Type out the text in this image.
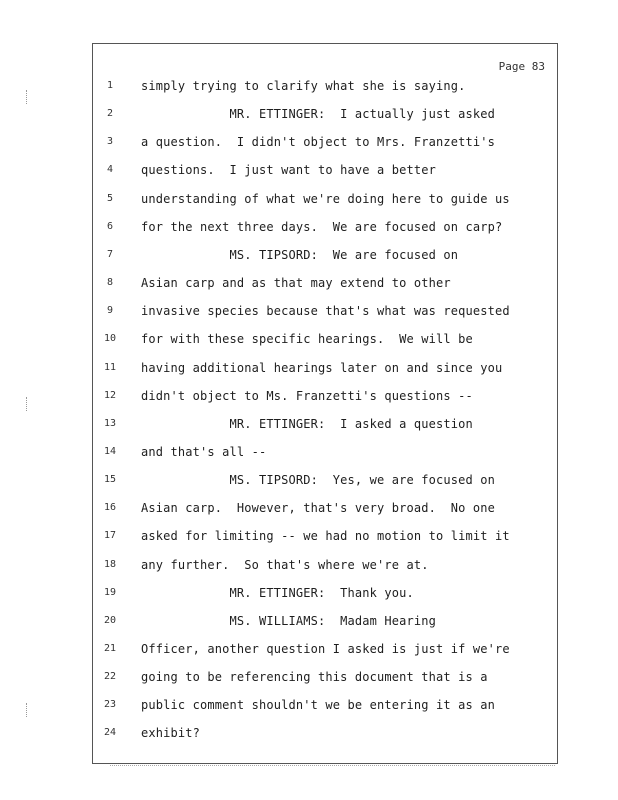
Page 83
1	simply trying to clarify what she is saying.
2	MR. ETTINGER:  I actually just asked
3	a question.  I didn't object to Mrs. Franzetti's
4	questions.  I just want to have a better
5	understanding of what we're doing here to guide us
6	for the next three days.  We are focused on carp?
7	MS. TIPSORD:  We are focused on
8	Asian carp and as that may extend to other
9	invasive species because that's what was requested
10	for with these specific hearings.  We will be
11	having additional hearings later on and since you
12	didn't object to Ms. Franzetti's questions --
13	MR. ETTINGER:  I asked a question
14	and that's all --
15	MS. TIPSORD:  Yes, we are focused on
16	Asian carp.  However, that's very broad.  No one
17	asked for limiting -- we had no motion to limit it
18	any further.  So that's where we're at.
19	MR. ETTINGER:  Thank you.
20	MS. WILLIAMS:  Madam Hearing
21	Officer, another question I asked is just if we're
22	going to be referencing this document that is a
23	public comment shouldn't we be entering it as an
24	exhibit?
